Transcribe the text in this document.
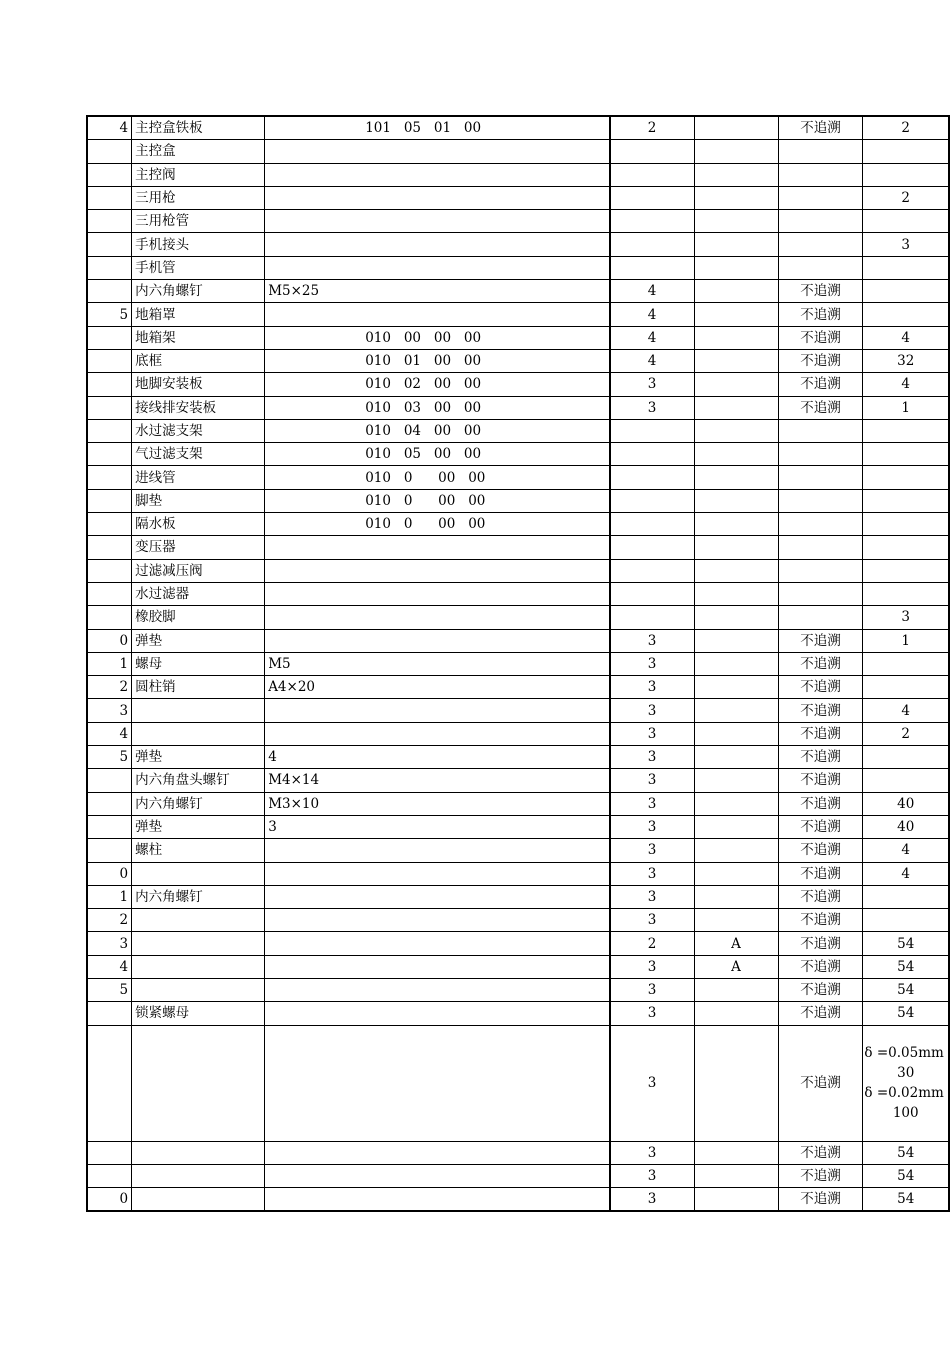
4	主控盒铁板	101   05   01   00	2		不追溯	2
	主控盒					
	主控阀					
	三用枪					2
	三用枪管					
	手机接头					3
	手机管					
	内六角螺钉	M5×25	4		不追溯	
5	地箱罩		4		不追溯	
	地箱架	010   00   00   00	4		不追溯	4
	底框	010   01   00   00	4		不追溯	32
	地脚安装板	010   02   00   00	3		不追溯	4
	接线排安装板	010   03   00   00	3		不追溯	1
	水过滤支架	010   04   00   00				
	气过滤支架	010   05   00   00				
	进线管	010   0      00   00				
	脚垫	010   0      00   00				
	隔水板	010   0      00   00				
	变压器					
	过滤减压阀					
	水过滤器					
	橡胶脚					3
0	弹垫		3		不追溯	1
1	螺母	M5	3		不追溯	
2	圆柱销	A4×20	3		不追溯	
3			3		不追溯	4
4			3		不追溯	2
5	弹垫	4	3		不追溯	
	内六角盘头螺钉	M4×14	3		不追溯	
	内六角螺钉	M3×10	3		不追溯	40
	弹垫	3	3		不追溯	40
	螺柱		3		不追溯	4
0			3		不追溯	4
1	内六角螺钉		3		不追溯	
2			3		不追溯	
3			2	A	不追溯	54
4			3	A	不追溯	54
5			3		不追溯	54
	锁紧螺母		3		不追溯	54
			3		不追溯	δ =0.05mm
30
δ =0.02mm
100

			3		不追溯	54
			3		不追溯	54
0			3		不追溯	54
